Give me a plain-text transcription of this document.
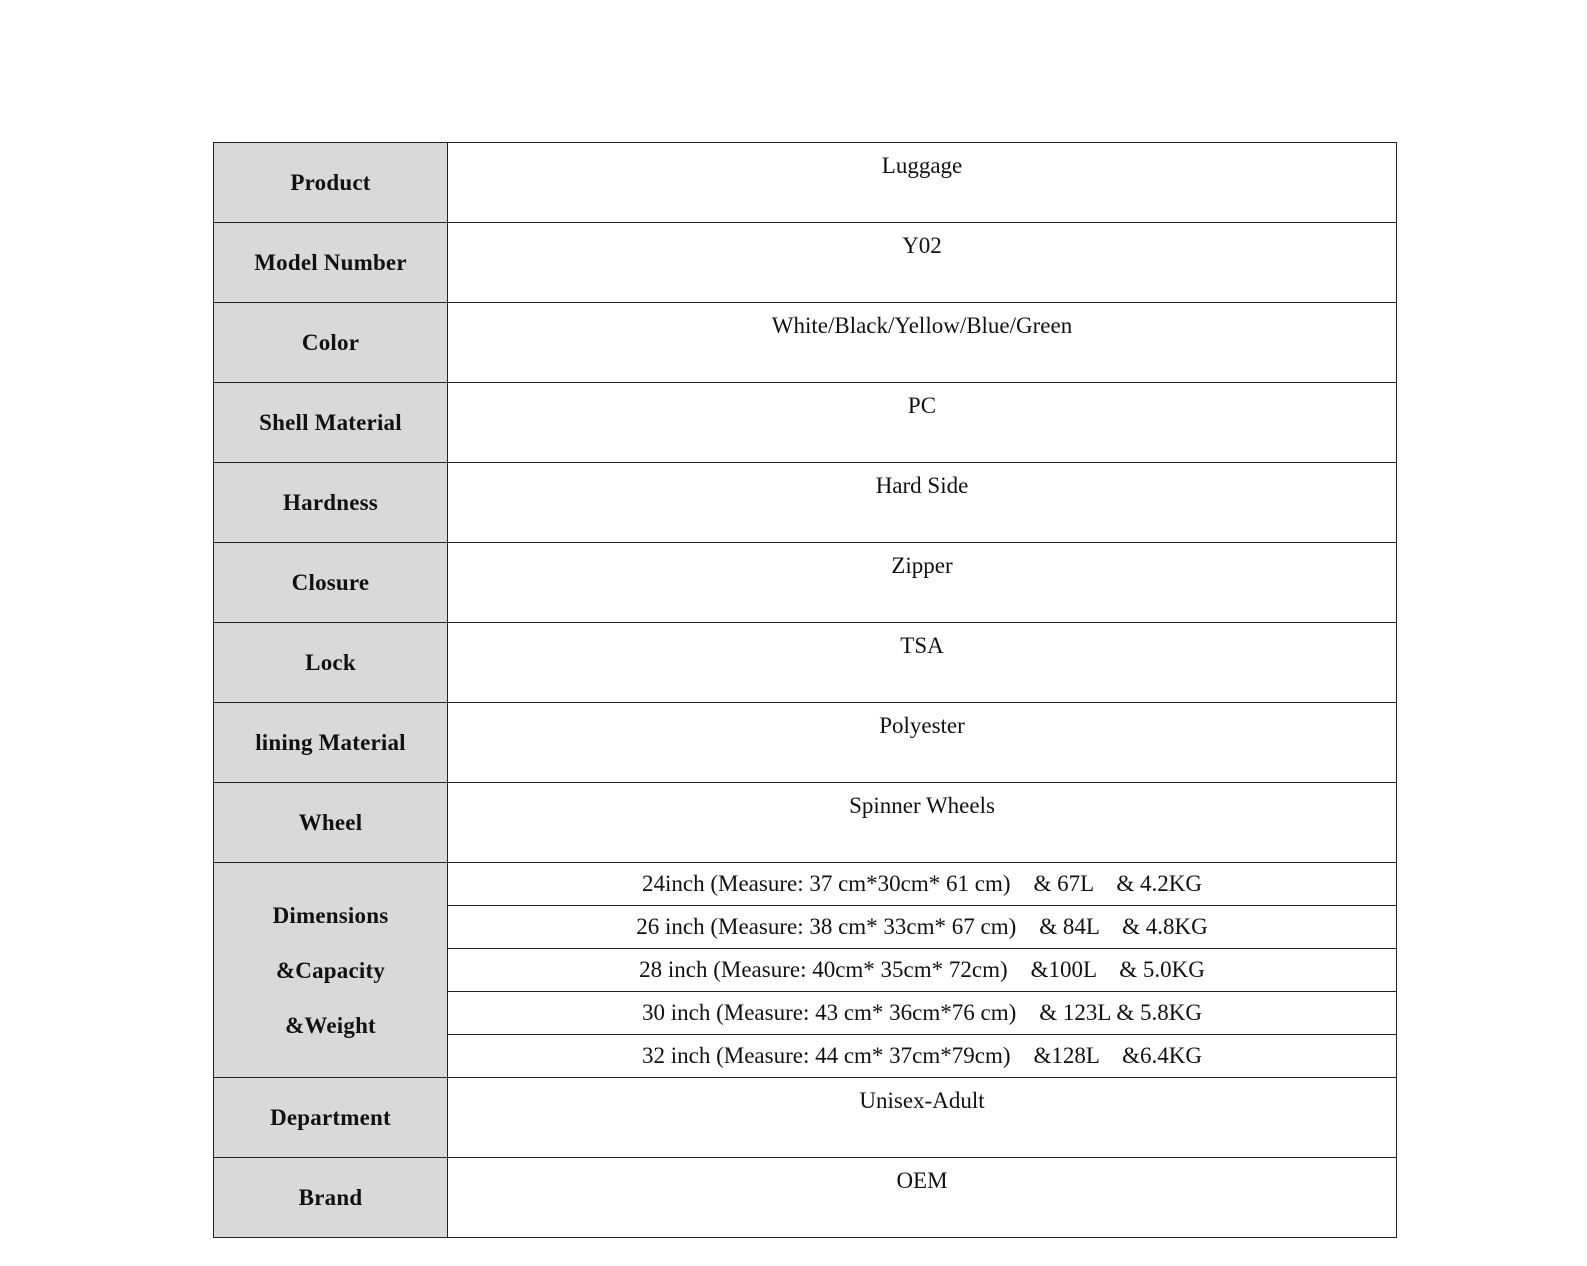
Product	Luggage
Model Number	Y02
Color	White/Black/Yellow/Blue/Green
Shell Material	PC
Hardness	Hard Side
Closure	Zipper
Lock	TSA
lining Material	Polyester
Wheel	Spinner Wheels

Dimensions
&Capacity
&Weight	24inch (Measure: 37 cm*30cm* 61 cm)    & 67L    & 4.2KG
	26 inch (Measure: 38 cm* 33cm* 67 cm)    & 84L    & 4.8KG
	28 inch (Measure: 40cm* 35cm* 72cm)    &100L    & 5.0KG
	30 inch (Measure: 43 cm* 36cm*76 cm)    & 123L & 5.8KG
	32 inch (Measure: 44 cm* 37cm*79cm)    &128L    &6.4KG
Department	Unisex-Adult
Brand	OEM
